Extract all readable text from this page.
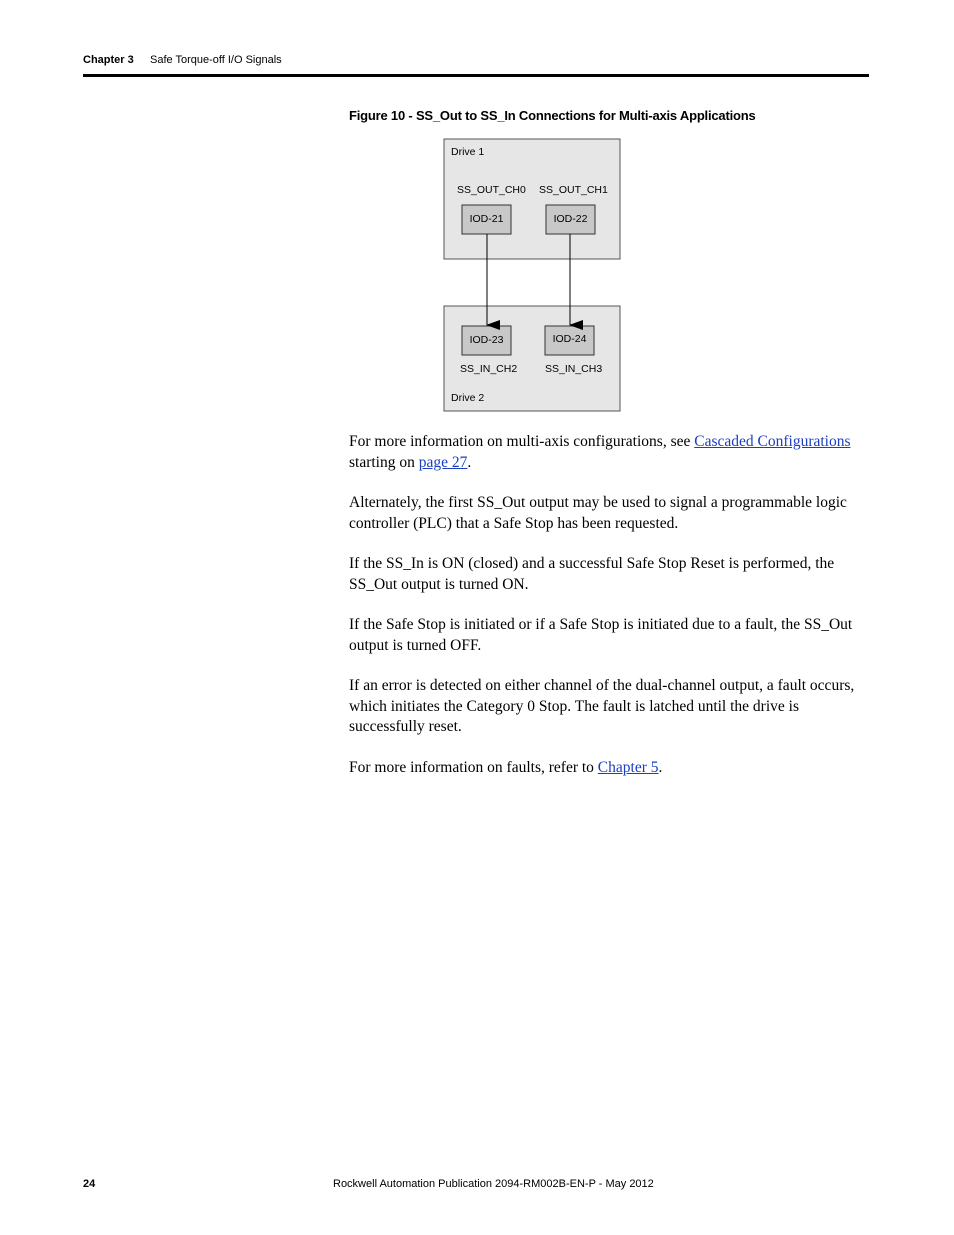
Chapter 3 Safe Torque-off I/O Signals
Figure 10 - SS_Out to SS_In Connections for Multi-axis Applications
Drive 1
SS_OUT_CH0 SS_OUT_CH1
IOD-21	IOD-22
IOD-23	IOD-24
SS_IN_CH2	SS_IN_CH3
Drive 2

For more information on multi-axis configurations, see Cascaded Configurations starting on page 27.

Alternately, the first SS_Out output may be used to signal a programmable logic controller (PLC) that a Safe Stop has been requested.

If the SS_In is ON (closed) and a successful Safe Stop Reset is performed, the SS_Out output is turned ON.

If the Safe Stop is initiated or if a Safe Stop is initiated due to a fault, the SS_Out output is turned OFF.

If an error is detected on either channel of the dual-channel output, a fault occurs, which initiates the Category 0 Stop. The fault is latched until the drive is successfully reset.

For more information on faults, refer to Chapter 5.

24	Rockwell Automation Publication 2094-RM002B-EN-P - May 2012
